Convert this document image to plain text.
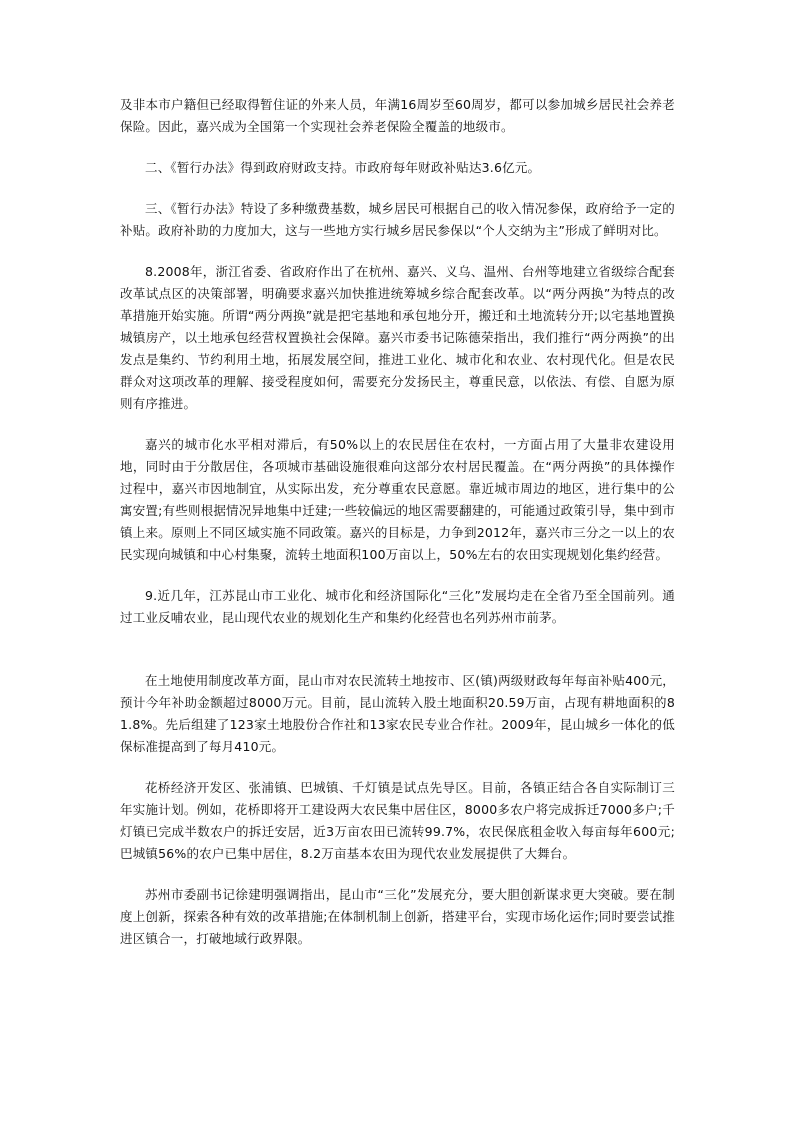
及非本市户籍但已经取得暂住证的外来人员，年满16周岁至60周岁，都可以参加城乡居民社会养老保险。因此，嘉兴成为全国第一个实现社会养老保险全覆盖的地级市。

二、《暂行办法》得到政府财政支持。市政府每年财政补贴达3.6亿元。

三、《暂行办法》特设了多种缴费基数，城乡居民可根据自己的收入情况参保，政府给予一定的补贴。政府补助的力度加大，这与一些地方实行城乡居民参保以“个人交纳为主”形成了鲜明对比。

8.2008年，浙江省委、省政府作出了在杭州、嘉兴、义乌、温州、台州等地建立省级综合配套改革试点区的决策部署，明确要求嘉兴加快推进统筹城乡综合配套改革。以“两分两换”为特点的改革措施开始实施。所谓“两分两换”就是把宅基地和承包地分开，搬迁和土地流转分开;以宅基地置换城镇房产，以土地承包经营权置换社会保障。嘉兴市委书记陈德荣指出，我们推行“两分两换”的出发点是集约、节约利用土地，拓展发展空间，推进工业化、城市化和农业、农村现代化。但是农民群众对这项改革的理解、接受程度如何，需要充分发扬民主，尊重民意，以依法、有偿、自愿为原则有序推进。

嘉兴的城市化水平相对滞后，有50%以上的农民居住在农村，一方面占用了大量非农建设用地，同时由于分散居住，各项城市基础设施很难向这部分农村居民覆盖。在“两分两换”的具体操作过程中，嘉兴市因地制宜，从实际出发，充分尊重农民意愿。靠近城市周边的地区，进行集中的公寓安置;有些则根据情况异地集中迁建;一些较偏远的地区需要翻建的，可能通过政策引导，集中到市镇上来。原则上不同区域实施不同政策。嘉兴的目标是，力争到2012年，嘉兴市三分之一以上的农民实现向城镇和中心村集聚，流转土地面积100万亩以上，50%左右的农田实现规划化集约经营。

9.近几年，江苏昆山市工业化、城市化和经济国际化“三化”发展均走在全省乃至全国前列。通过工业反哺农业，昆山现代农业的规划化生产和集约化经营也名列苏州市前茅。

在土地使用制度改革方面，昆山市对农民流转土地按市、区(镇)两级财政每年每亩补贴400元，预计今年补助金额超过8000万元。目前，昆山流转入股土地面积20.59万亩，占现有耕地面积的81.8%。先后组建了123家土地股份合作社和13家农民专业合作社。2009年，昆山城乡一体化的低保标准提高到了每月410元。

花桥经济开发区、张浦镇、巴城镇、千灯镇是试点先导区。目前，各镇正结合各自实际制订三年实施计划。例如，花桥即将开工建设两大农民集中居住区，8000多农户将完成拆迁7000多户;千灯镇已完成半数农户的拆迁安居，近3万亩农田已流转99.7%，农民保底租金收入每亩每年600元;巴城镇56%的农户已集中居住，8.2万亩基本农田为现代农业发展提供了大舞台。

苏州市委副书记徐建明强调指出，昆山市“三化”发展充分，要大胆创新谋求更大突破。要在制度上创新，探索各种有效的改革措施;在体制机制上创新，搭建平台，实现市场化运作;同时要尝试推进区镇合一，打破地域行政界限。
